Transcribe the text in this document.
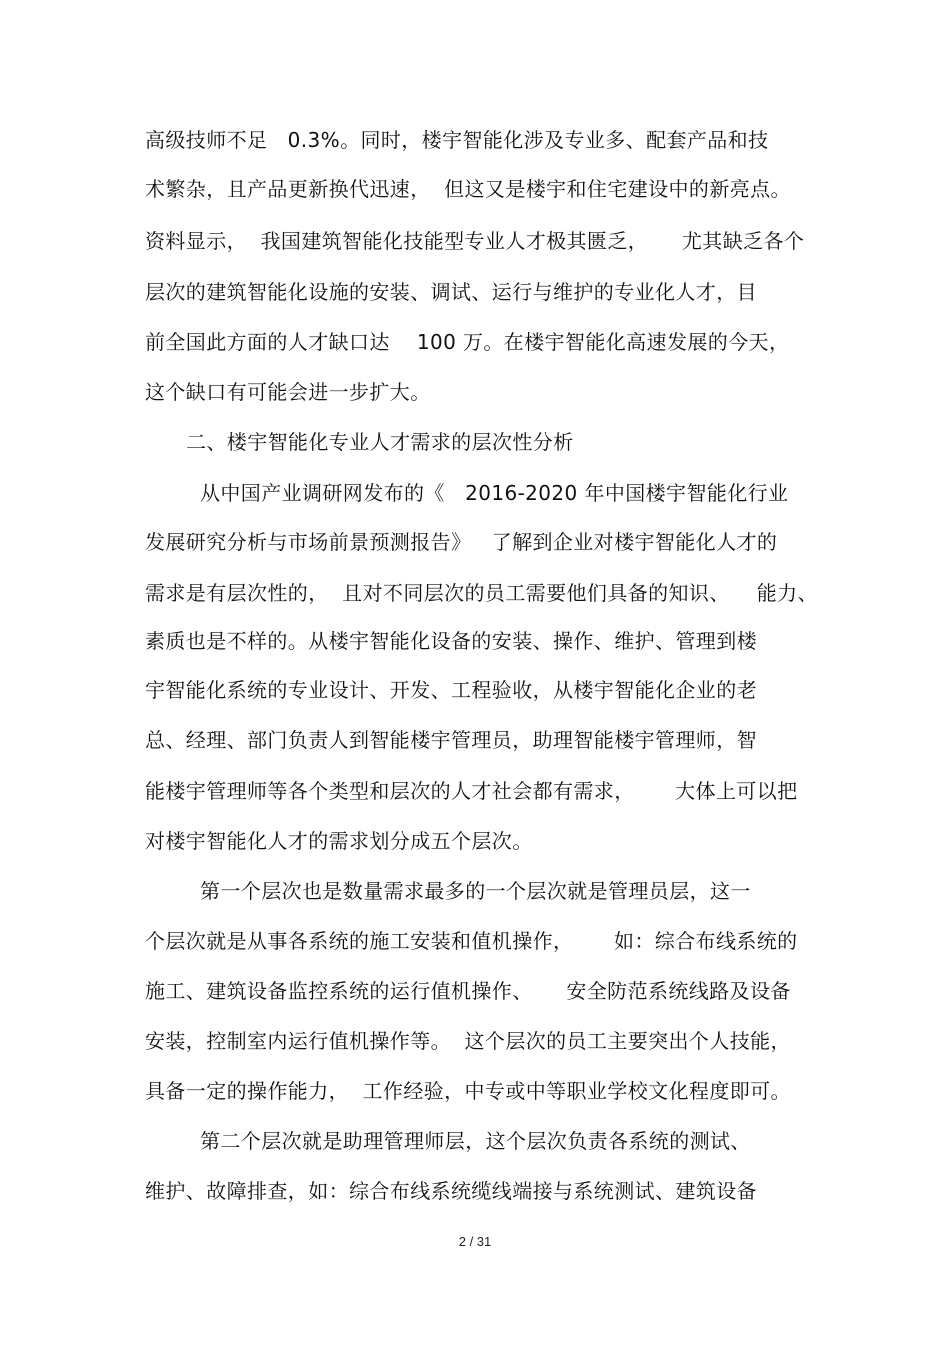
高级技师不足   0.3%。同时，楼宇智能化涉及专业多、配套产品和技
术繁杂，且产品更新换代迅速，  但这又是楼宇和住宅建设中的新亮点。
资料显示，  我国建筑智能化技能型专业人才极其匮乏，     尤其缺乏各个
层次的建筑智能化设施的安装、调试、运行与维护的专业化人才，目
前全国此方面的人才缺口达    100 万。在楼宇智能化高速发展的今天，
这个缺口有可能会进一步扩大。
二、楼宇智能化专业人才需求的层次性分析
从中国产业调研网发布的《   2016-2020 年中国楼宇智能化行业
发展研究分析与市场前景预测报告》   了解到企业对楼宇智能化人才的
需求是有层次性的，  且对不同层次的员工需要他们具备的知识、    能力、
素质也是不样的。从楼宇智能化设备的安装、操作、维护、管理到楼
宇智能化系统的专业设计、开发、工程验收，从楼宇智能化企业的老
总、经理、部门负责人到智能楼宇管理员，助理智能楼宇管理师，智
能楼宇管理师等各个类型和层次的人才社会都有需求，      大体上可以把
对楼宇智能化人才的需求划分成五个层次。
第一个层次也是数量需求最多的一个层次就是管理员层，这一
个层次就是从事各系统的施工安装和值机操作，      如：综合布线系统的
施工、建筑设备监控系统的运行值机操作、     安全防范系统线路及设备
安装，控制室内运行值机操作等。  这个层次的员工主要突出个人技能，
具备一定的操作能力，  工作经验，中专或中等职业学校文化程度即可。
第二个层次就是助理管理师层，这个层次负责各系统的测试、
维护、故障排查，如：综合布线系统缆线端接与系统测试、建筑设备
2 / 31
